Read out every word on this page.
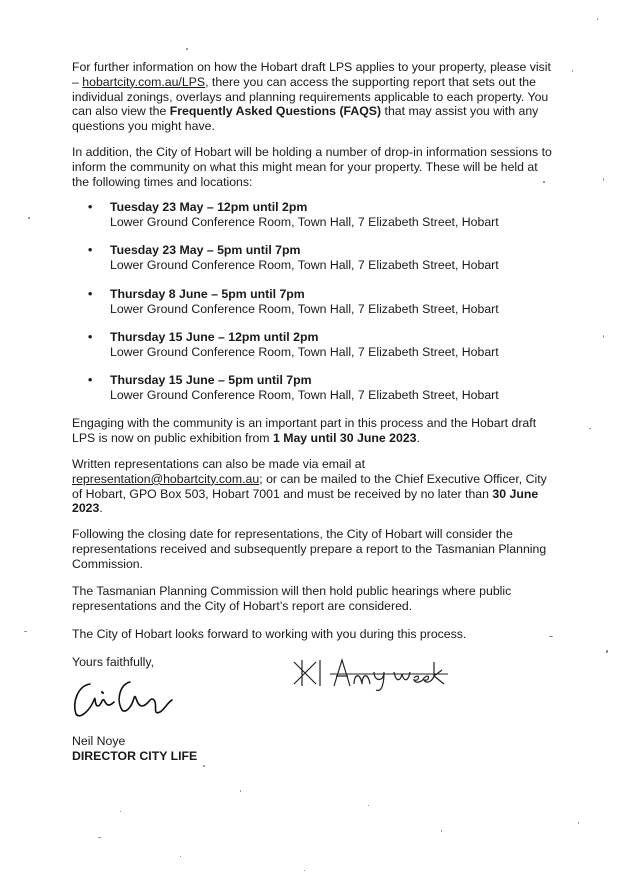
For further information on how the Hobart draft LPS applies to your property, please visit – hobartcity.com.au/LPS, there you can access the supporting report that sets out the individual zonings, overlays and planning requirements applicable to each property. You can also view the Frequently Asked Questions (FAQS) that may assist you with any questions you might have.

In addition, the City of Hobart will be holding a number of drop-in information sessions to inform the community on what this might mean for your property. These will be held at the following times and locations:

• Tuesday 23 May – 12pm until 2pm
Lower Ground Conference Room, Town Hall, 7 Elizabeth Street, Hobart
• Tuesday 23 May – 5pm until 7pm
Lower Ground Conference Room, Town Hall, 7 Elizabeth Street, Hobart
• Thursday 8 June – 5pm until 7pm
Lower Ground Conference Room, Town Hall, 7 Elizabeth Street, Hobart
• Thursday 15 June – 12pm until 2pm
Lower Ground Conference Room, Town Hall, 7 Elizabeth Street, Hobart
• Thursday 15 June – 5pm until 7pm
Lower Ground Conference Room, Town Hall, 7 Elizabeth Street, Hobart

Engaging with the community is an important part in this process and the Hobart draft LPS is now on public exhibition from 1 May until 30 June 2023.

Written representations can also be made via email at representation@hobartcity.com.au; or can be mailed to the Chief Executive Officer, City of Hobart, GPO Box 503, Hobart 7001 and must be received by no later than 30 June 2023.

Following the closing date for representations, the City of Hobart will consider the representations received and subsequently prepare a report to the Tasmanian Planning Commission.

The Tasmanian Planning Commission will then hold public hearings where public representations and the City of Hobart’s report are considered.

The City of Hobart looks forward to working with you during this process.

Yours faithfully,

Neil Noye

DIRECTOR CITY LIFE
